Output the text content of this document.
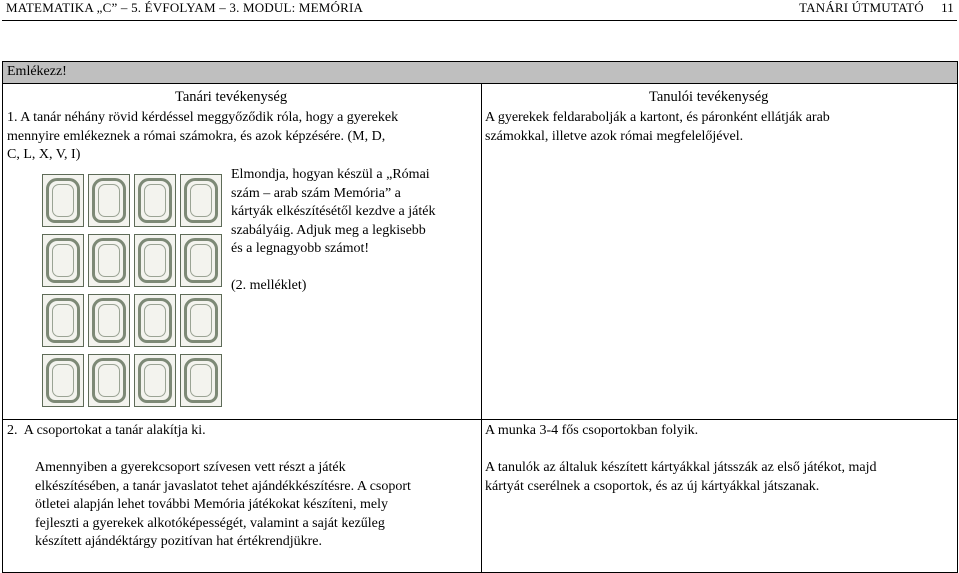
MATEMATIKA „C” – 5. ÉVFOLYAM – 3. MODUL: MEMÓRIA	TANÁRI ÚTMUTATÓ     11
Emlékezz!
Tanári tevékenység	Tanulói tevékenység
1. A tanár néhány rövid kérdéssel meggyőződik róla, hogy a gyerekek
mennyire emlékeznek a római számokra, és azok képzésére. (M, D,
C, L, X, V, I)
Elmondja, hogyan készül a „Római
szám – arab szám Memória” a
kártyák elkészítésétől kezdve a játék
szabályáig. Adjuk meg a legkisebb
és a legnagyobb számot!
(2. melléklet)
A gyerekek feldarabolják a kartont, és páronként ellátják arab
számokkal, illetve azok római megfelelőjével.
2.  A csoportokat a tanár alakítja ki.
Amennyiben a gyerekcsoport szívesen vett részt a játék
elkészítésében, a tanár javaslatot tehet ajándékkészítésre. A csoport
ötletei alapján lehet további Memória játékokat készíteni, mely
fejleszti a gyerekek alkotóképességét, valamint a saját kezűleg
készített ajándéktárgy pozitívan hat értékrendjükre.
A munka 3-4 fős csoportokban folyik.
A tanulók az általuk készített kártyákkal játsszák az első játékot, majd
kártyát cserélnek a csoportok, és az új kártyákkal játszanak.
